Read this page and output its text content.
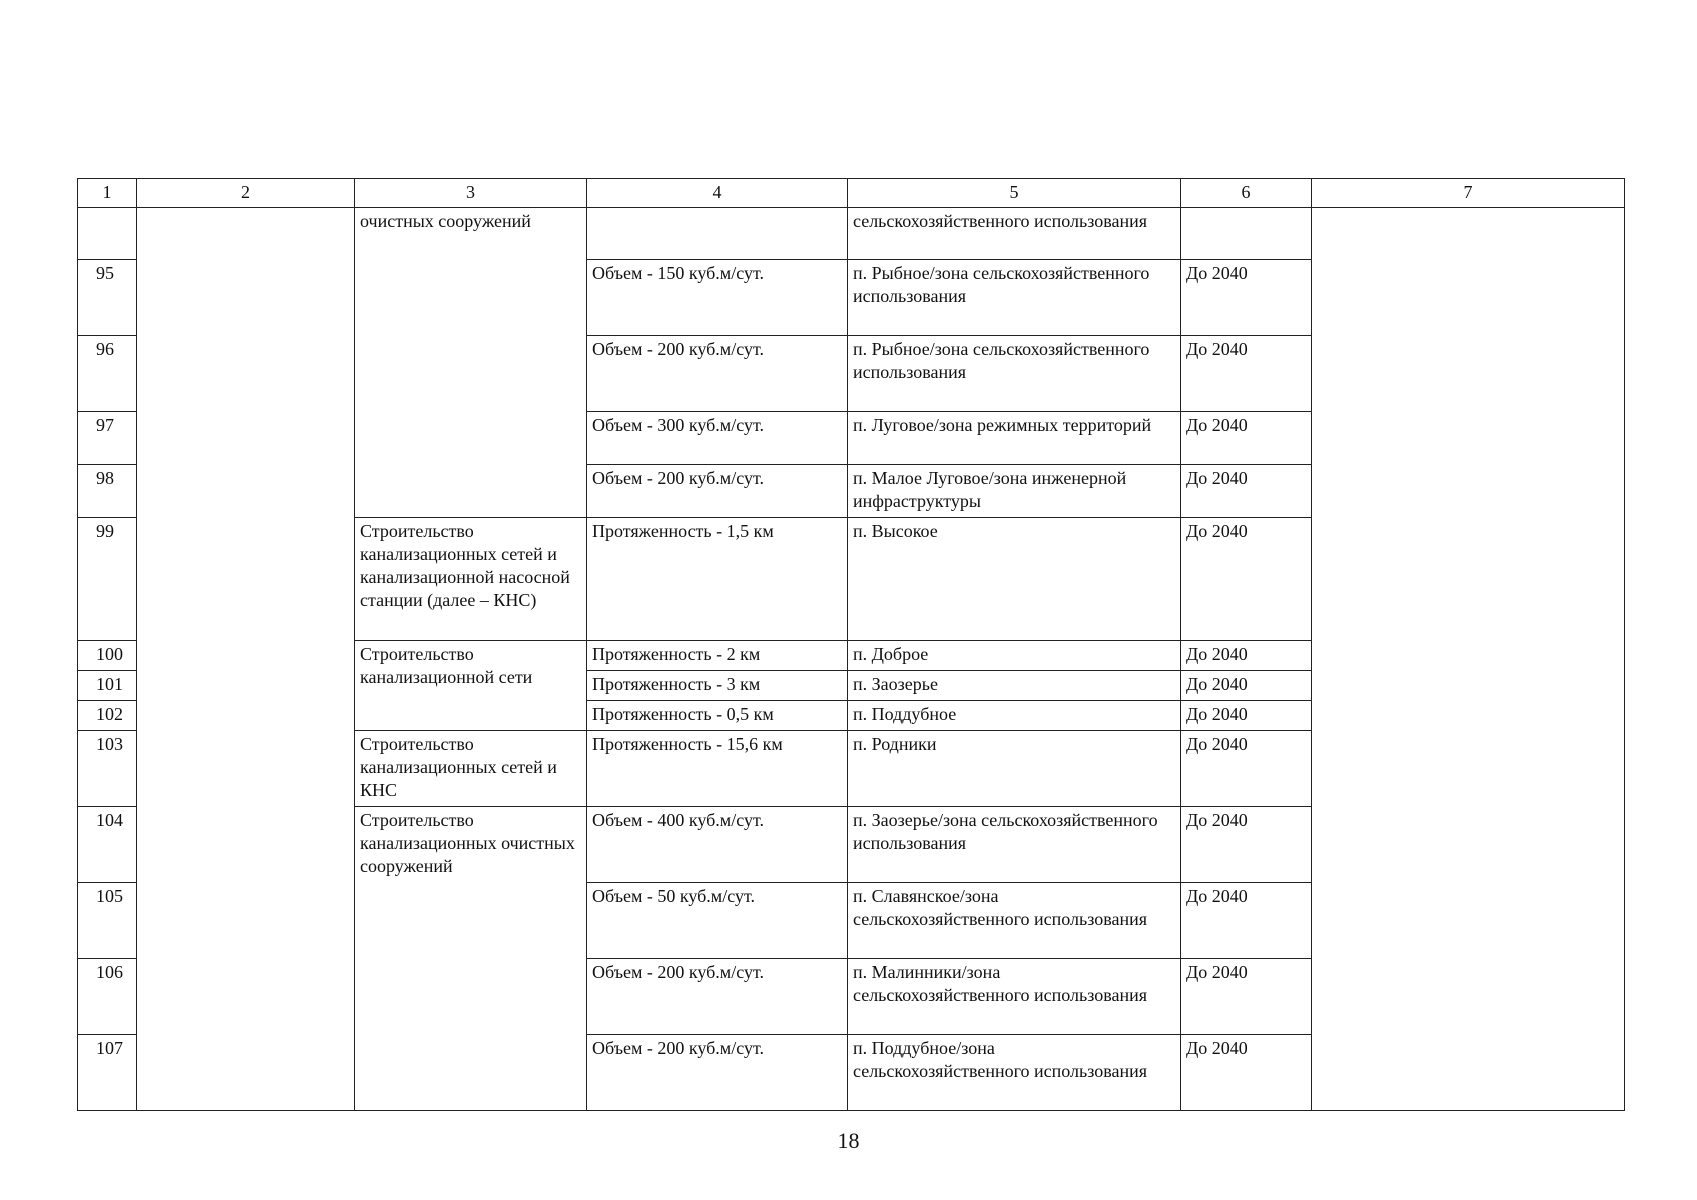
1	2	3	4	5	6	7
		очистных сооружений		сельскохозяйственного использования		
95			Объем - 150 куб.м/сут.	п. Рыбное/зона сельскохозяйственного использования	До 2040	
96			Объем - 200 куб.м/сут.	п. Рыбное/зона сельскохозяйственного использования	До 2040	
97			Объем - 300 куб.м/сут.	п. Луговое/зона режимных территорий	До 2040	
98			Объем - 200 куб.м/сут.	п. Малое Луговое/зона инженерной инфраструктуры	До 2040	
99		Строительство канализационных сетей и канализационной насосной станции (далее – КНС)	Протяженность - 1,5 км	п. Высокое	До 2040	
100		Строительство канализационной сети	Протяженность - 2 км	п. Доброе	До 2040	
101			Протяженность - 3 км	п. Заозерье	До 2040	
102			Протяженность - 0,5 км	п. Поддубное	До 2040	
103		Строительство канализационных сетей и КНС	Протяженность - 15,6 км	п. Родники	До 2040	
104		Строительство канализационных очистных сооружений	Объем - 400 куб.м/сут.	п. Заозерье/зона сельскохозяйственного использования	До 2040	
105			Объем - 50 куб.м/сут.	п. Славянское/зона сельскохозяйственного использования	До 2040	
106			Объем - 200 куб.м/сут.	п. Малинники/зона сельскохозяйственного использования	До 2040	
107			Объем - 200 куб.м/сут.	п. Поддубное/зона сельскохозяйственного использования	До 2040	
18
